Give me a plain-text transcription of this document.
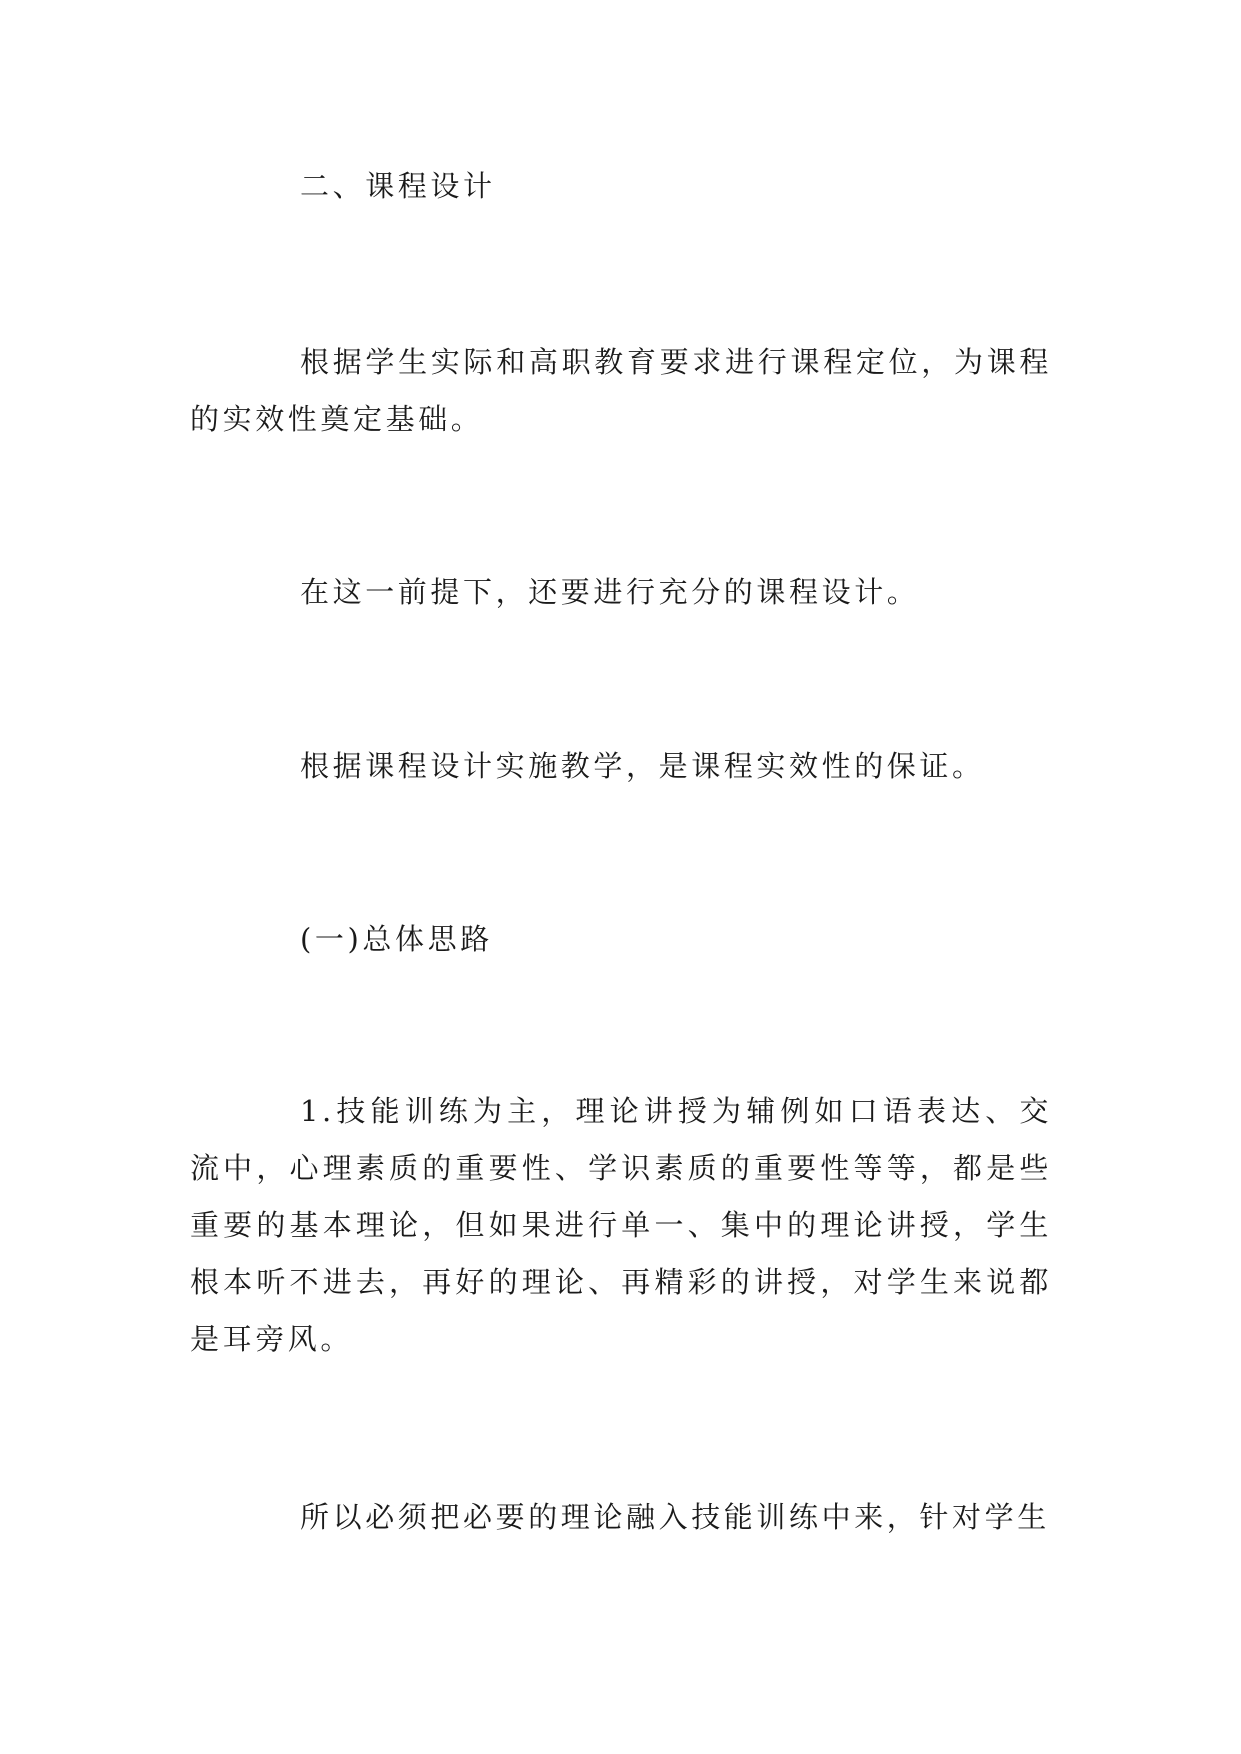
二、课程设计

根据学生实际和高职教育要求进行课程定位，为课程的实效性奠定基础。

在这一前提下，还要进行充分的课程设计。

根据课程设计实施教学，是课程实效性的保证。

(一)总体思路

1.技能训练为主，理论讲授为辅例如口语表达、交流中，心理素质的重要性、学识素质的重要性等等，都是些重要的基本理论，但如果进行单一、集中的理论讲授，学生根本听不进去，再好的理论、再精彩的讲授，对学生来说都是耳旁风。

所以必须把必要的理论融入技能训练中来，针对学生
